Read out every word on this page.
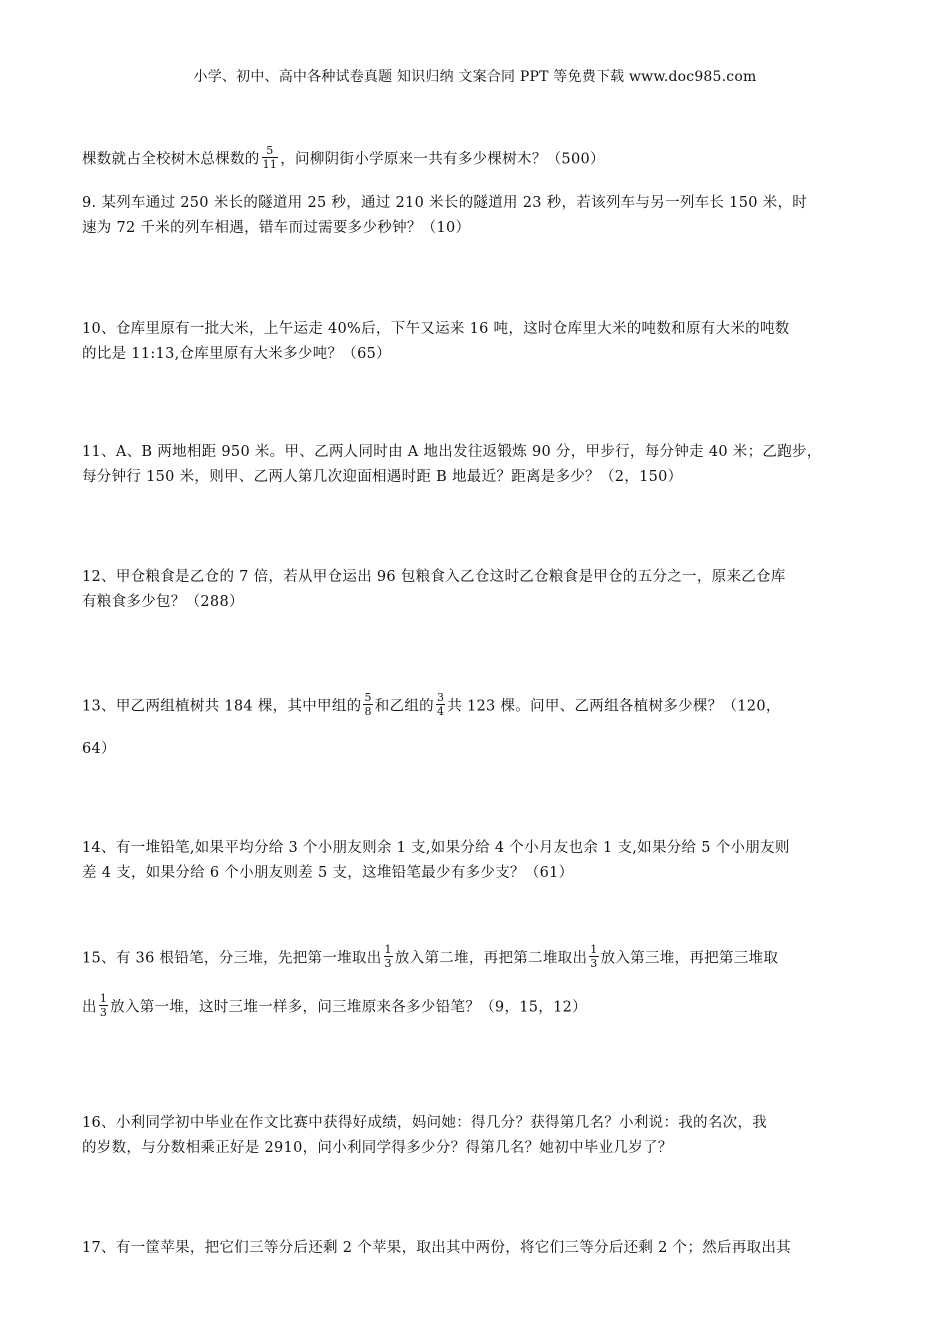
小学、初中、高中各种试卷真题 知识归纳 文案合同 PPT 等免费下载 www.doc985.com
棵数就占全校树木总棵数的 $\frac{5}{11}$ ，问柳阴街小学原来一共有多少棵树木？（500）
9. 某列车通过 250 米长的隧道用 25 秒，通过 210 米长的隧道用 23 秒，若该列车与另一列车长 150 米，时
速为 72 千米的列车相遇，错车而过需要多少秒钟？（10）
10、仓库里原有一批大米，上午运走 40%后，下午又运来 16 吨，这时仓库里大米的吨数和原有大米的吨数
的比是 11:13,仓库里原有大米多少吨？（65）
11、A、B 两地相距 950 米。甲、乙两人同时由 A 地出发往返锻炼 90 分，甲步行，每分钟走 40 米；乙跑步，
每分钟行 150 米，则甲、乙两人第几次迎面相遇时距 B 地最近？距离是多少？（2，150）
12、甲仓粮食是乙仓的 7 倍，若从甲仓运出 96 包粮食入乙仓这时乙仓粮食是甲仓的五分之一，原来乙仓库
有粮食多少包？（288）
13、甲乙两组植树共 184 棵，其中甲组的 $\frac{5}{8}$ 和乙组的 $\frac{3}{4}$ 共 123 棵。问甲、乙两组各植树多少棵？（120，
64）
14、有一堆铅笔,如果平均分给 3 个小朋友则余 1 支,如果分给 4 个小月友也余 1 支,如果分给 5 个小朋友则
差 4 支，如果分给 6 个小朋友则差 5 支，这堆铅笔最少有多少支？（61）
15、有 36 根铅笔，分三堆，先把第一堆取出 $\frac{1}{3}$ 放入第二堆，再把第二堆取出 $\frac{1}{3}$ 放入第三堆，再把第三堆取
出 $\frac{1}{3}$ 放入第一堆，这时三堆一样多，问三堆原来各多少铅笔？（9，15，12）
16、小利同学初中毕业在作文比赛中获得好成绩，妈问她：得几分？获得第几名？小利说：我的名次，我
的岁数，与分数相乘正好是 2910，问小利同学得多少分？得第几名？她初中毕业几岁了？
17、有一筐苹果，把它们三等分后还剩 2 个苹果，取出其中两份，将它们三等分后还剩 2 个；然后再取出其
